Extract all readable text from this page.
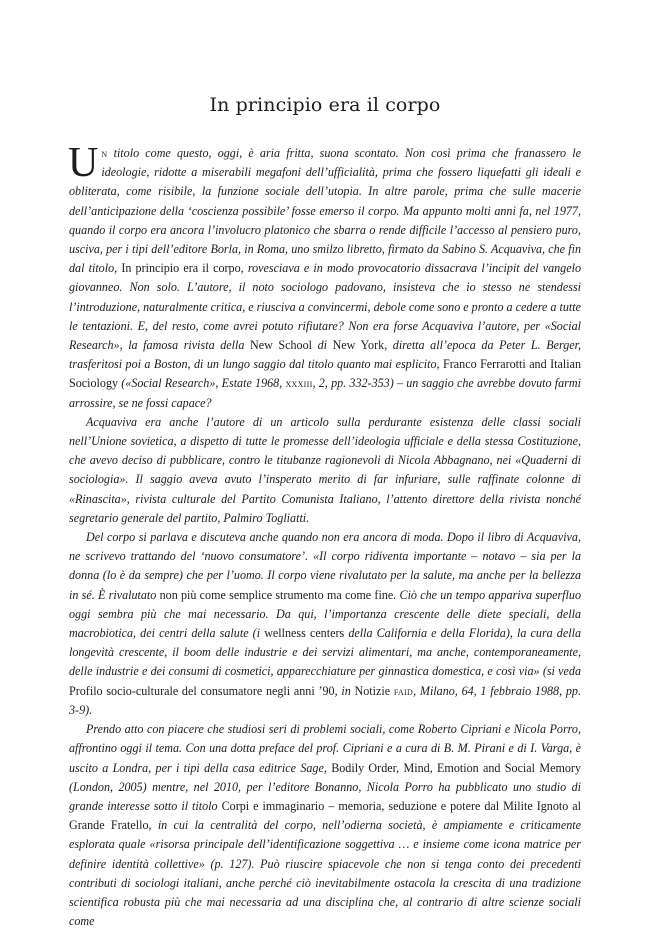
In principio era il corpo

Un titolo come questo, oggi, è aria fritta, suona scontato. Non così prima che franassero le ideologie, ridotte a miserabili megafoni dell’ufficialità, prima che fossero liquefatti gli ideali e obliterata, come risibile, la funzione sociale dell’utopia. In altre parole, prima che sulle macerie dell’anticipazione della ‘coscienza possibile’ fosse emerso il corpo. Ma appunto molti anni fa, nel 1977, quando il corpo era ancora l’involucro platonico che sbarra o rende difficile l’accesso al pensiero puro, usciva, per i tipi dell’editore Borla, in Roma, uno smilzo libretto, firmato da Sabino S. Acquaviva, che fin dal titolo, In principio era il corpo, rovesciava e in modo provocatorio dissacrava l’incipit del vangelo giovanneo. Non solo. L’autore, il noto sociologo padovano, insisteva che io stesso ne stendessi l’introduzione, naturalmente critica, e riusciva a convincermi, debole come sono e pronto a cedere a tutte le tentazioni. E, del resto, come avrei potuto rifiutare? Non era forse Acquaviva l’autore, per «Social Research», la famosa rivista della New School di New York, diretta all’epoca da Peter L. Berger, trasferitosi poi a Boston, di un lungo saggio dal titolo quanto mai esplicito, Franco Ferrarotti and Italian Sociology («Social Research», Estate 1968, xxxiii, 2, pp. 332-353) – un saggio che avrebbe dovuto farmi arrossire, se ne fossi capace?

Acquaviva era anche l’autore di un articolo sulla perdurante esistenza delle classi sociali nell’Unione sovietica, a dispetto di tutte le promesse dell’ideologia ufficiale e della stessa Costituzione, che avevo deciso di pubblicare, contro le titubanze ragionevoli di Nicola Abbagnano, nei «Quaderni di sociologia». Il saggio aveva avuto l’insperato merito di far infuriare, sulle raffinate colonne di «Rinascita», rivista culturale del Partito Comunista Italiano, l’attento direttore della rivista nonché segretario generale del partito, Palmiro Togliatti.

Del corpo si parlava e discuteva anche quando non era ancora di moda. Dopo il libro di Acquaviva, ne scrivevo trattando del ‘nuovo consumatore’. «Il corpo ridiventa importante – notavo – sia per la donna (lo è da sempre) che per l’uomo. Il corpo viene rivalutato per la salute, ma anche per la bellezza in sé. È rivalutato non più come semplice strumento ma come fine. Ciò che un tempo appariva superfluo oggi sembra più che mai necessario. Da qui, l’importanza crescente delle diete speciali, della macrobiotica, dei centri della salute (i wellness centers della California e della Florida), la cura della longevità crescente, il boom delle industrie e dei servizi alimentari, ma anche, contemporaneamente, delle industrie e dei consumi di cosmetici, apparecchiature per ginnastica domestica, e così via» (si veda Profilo socio-culturale del consumatore negli anni ’90, in Notizie faid, Milano, 64, 1 febbraio 1988, pp. 3-9).

Prendo atto con piacere che studiosi seri di problemi sociali, come Roberto Cipriani e Nicola Porro, affrontino oggi il tema. Con una dotta preface del prof. Cipriani e a cura di B. M. Pirani e di I. Varga, è uscito a Londra, per i tipi della casa editrice Sage, Bodily Order, Mind, Emotion and Social Memory (London, 2005) mentre, nel 2010, per l’editore Bonanno, Nicola Porro ha pubblicato uno studio di grande interesse sotto il titolo Corpi e immaginario – memoria, seduzione e potere dal Milite Ignoto al Grande Fratello, in cui la centralità del corpo, nell’odierna società, è ampiamente e criticamente esplorata quale «risorsa principale dell’identificazione soggettiva … e insieme come icona matrice per definire identità collettive» (p. 127). Può riuscire spiacevole che non si tenga conto dei precedenti contributi di sociologi italiani, anche perché ciò inevitabilmente ostacola la crescita di una tradizione scientifica robusta più che mai necessaria ad una disciplina che, al contrario di altre scienze sociali come
